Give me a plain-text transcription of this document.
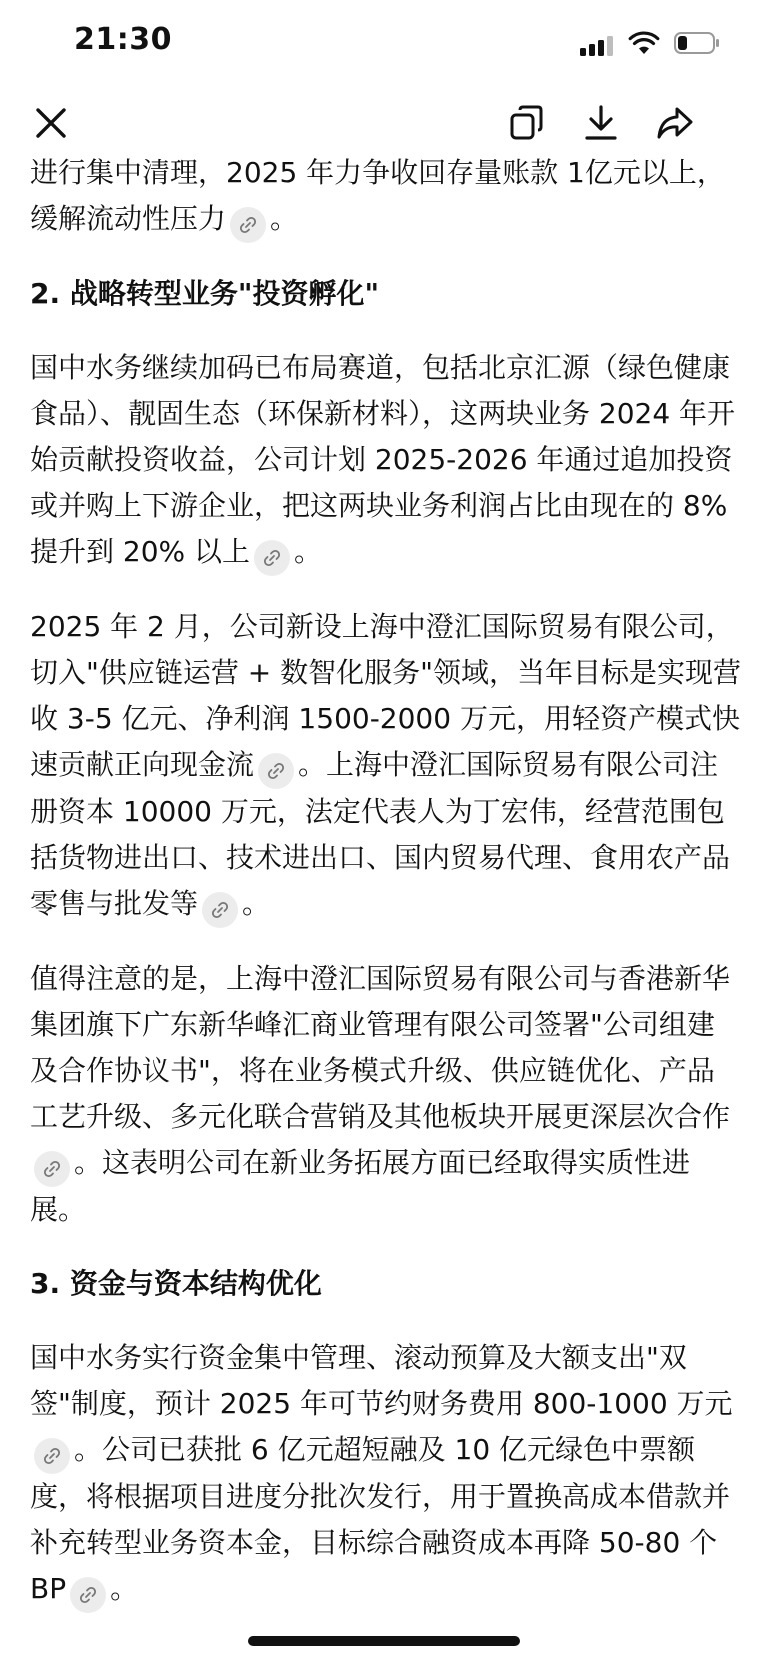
21:30

进行集中清理，2025 年力争收回存量账款 1亿元以上，缓解流动性压力 。

2. 战略转型业务"投资孵化"

国中水务继续加码已布局赛道，包括北京汇源（绿色健康食品）、靓固生态（环保新材料），这两块业务 2024 年开始贡献投资收益，公司计划 2025-2026 年通过追加投资或并购上下游企业，把这两块业务利润占比由现在的 8% 提升到 20% 以上 。

2025 年 2 月，公司新设上海中澄汇国际贸易有限公司，切入"供应链运营 + 数智化服务"领域，当年目标是实现营收 3-5 亿元、净利润 1500-2000 万元，用轻资产模式快速贡献正向现金流 。上海中澄汇国际贸易有限公司注册资本 10000 万元，法定代表人为丁宏伟，经营范围包括货物进出口、技术进出口、国内贸易代理、食用农产品零售与批发等 。

值得注意的是，上海中澄汇国际贸易有限公司与香港新华集团旗下广东新华峰汇商业管理有限公司签署"公司组建及合作协议书"，将在业务模式升级、供应链优化、产品工艺升级、多元化联合营销及其他板块开展更深层次合作
。这表明公司在新业务拓展方面已经取得实质性进展。

3. 资金与资本结构优化

国中水务实行资金集中管理、滚动预算及大额支出"双签"制度，预计 2025 年可节约财务费用 800-1000 万元
。公司已获批 6 亿元超短融及 10 亿元绿色中票额度，将根据项目进度分批次发行，用于置换高成本借款并补充转型业务资本金，目标综合融资成本再降 50-80 个 BP 。
